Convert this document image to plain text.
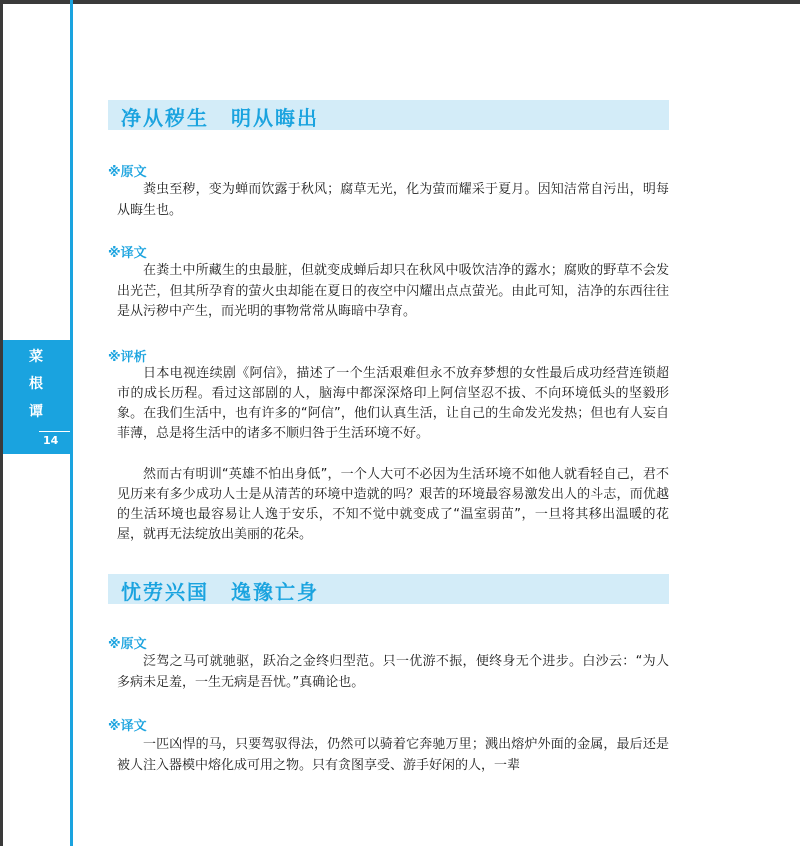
菜
根
谭
14
净从秽生　明从晦出
※原文

粪虫至秽，变为蝉而饮露于秋风；腐草无光，化为萤而耀采于夏月。因知洁常自污出，明每从晦生也。

※译文

在粪土中所藏生的虫最脏，但就变成蝉后却只在秋风中吸饮洁净的露水；腐败的野草不会发出光芒，但其所孕育的萤火虫却能在夏日的夜空中闪耀出点点萤光。由此可知，洁净的东西往往是从污秽中产生，而光明的事物常常从晦暗中孕育。

※评析

日本电视连续剧《阿信》，描述了一个生活艰难但永不放弃梦想的女性最后成功经营连锁超市的成长历程。看过这部剧的人，脑海中都深深烙印上阿信坚忍不拔、不向环境低头的坚毅形象。在我们生活中，也有许多的“阿信”，他们认真生活，让自己的生命发光发热；但也有人妄自菲薄，总是将生活中的诸多不顺归咎于生活环境不好。

然而古有明训“英雄不怕出身低”，一个人大可不必因为生活环境不如他人就看轻自己，君不见历来有多少成功人士是从清苦的环境中造就的吗？艰苦的环境最容易激发出人的斗志，而优越的生活环境也最容易让人逸于安乐，不知不觉中就变成了“温室弱苗”，一旦将其移出温暖的花屋，就再无法绽放出美丽的花朵。

忧劳兴国　逸豫亡身
※原文

泛驾之马可就驰驱，跃冶之金终归型范。只一优游不振，便终身无个进步。白沙云：“为人多病未足羞，一生无病是吾忧。”真确论也。

※译文

一匹凶悍的马，只要驾驭得法，仍然可以骑着它奔驰万里；溅出熔炉外面的金属，最后还是被人注入器模中熔化成可用之物。只有贪图享受、游手好闲的人，一辈
